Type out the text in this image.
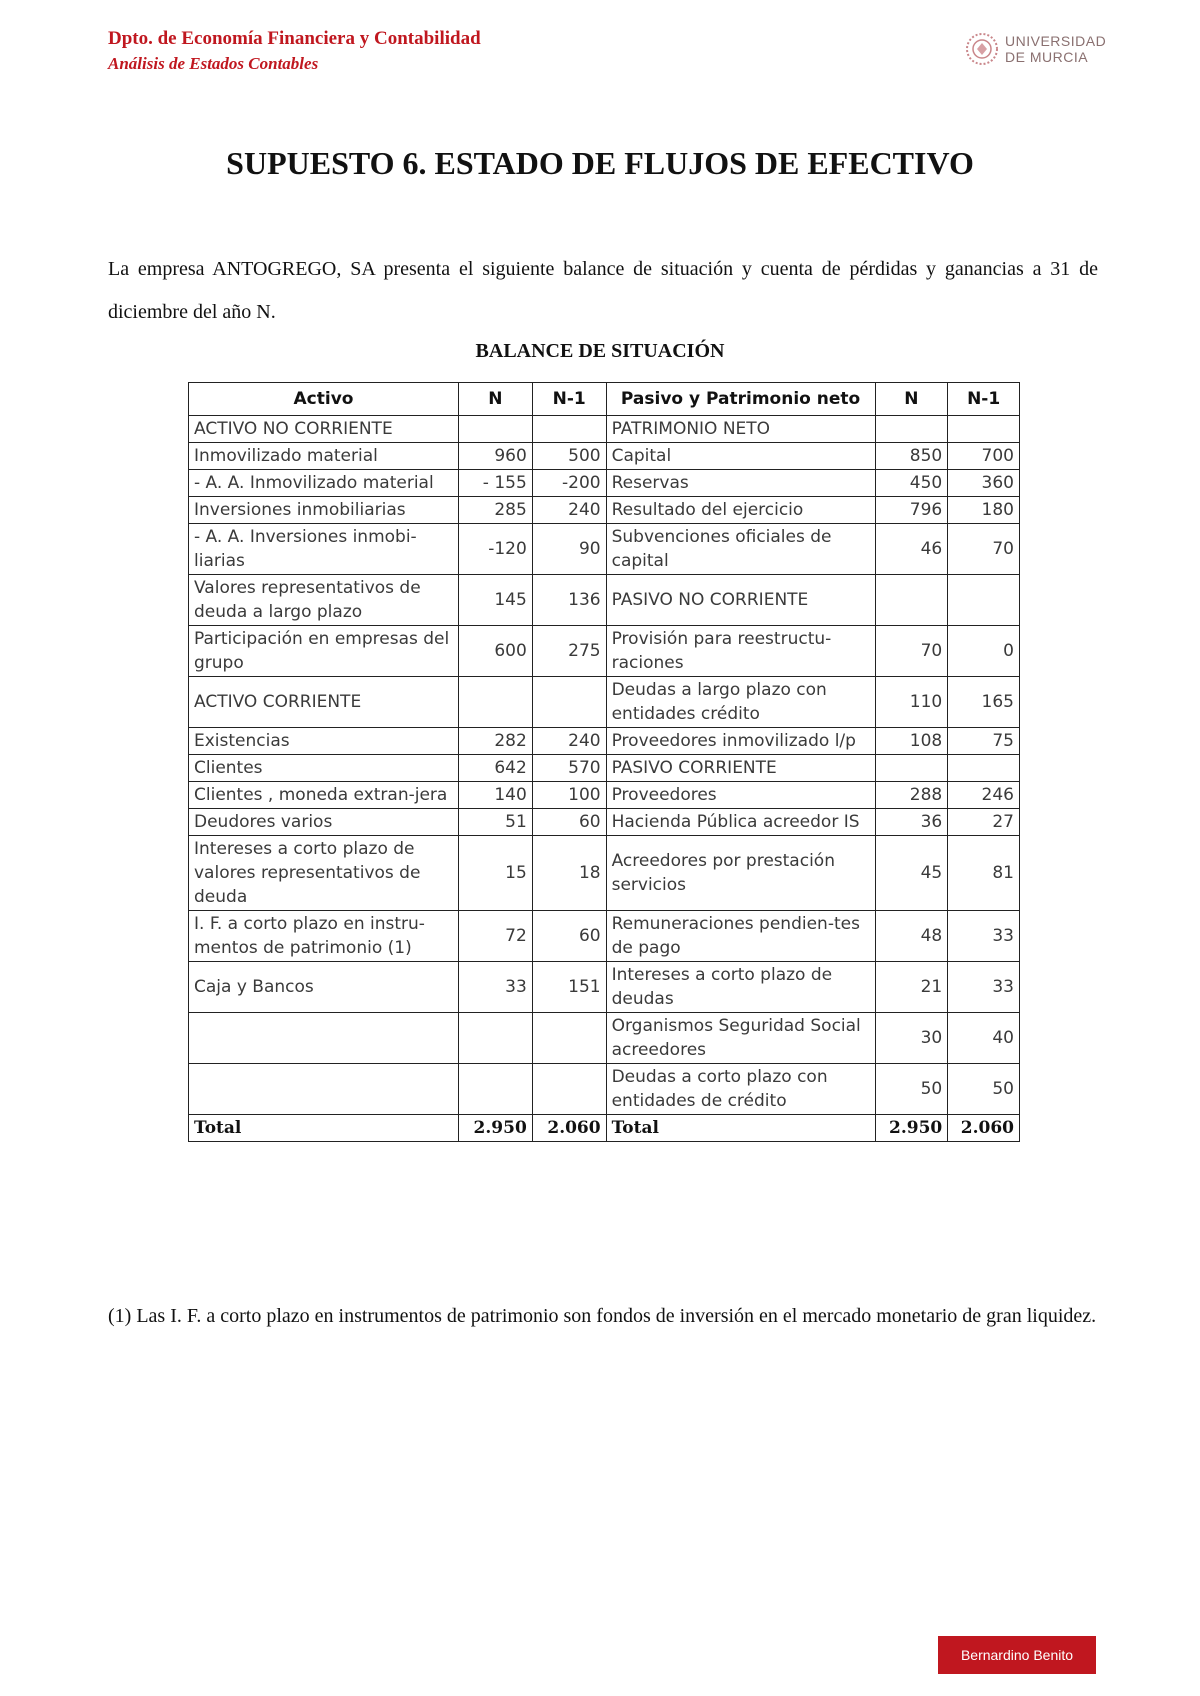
Dpto. de Economía Financiera y Contabilidad
Análisis de Estados Contables
UNIVERSIDAD
DE MURCIA
SUPUESTO 6. ESTADO DE FLUJOS DE EFECTIVO
La empresa ANTOGREGO, SA presenta el siguiente balance de situación y cuenta de pérdidas y ganancias a 31 de diciembre del año N.
BALANCE DE SITUACIÓN
Activo	N	N-1	Pasivo y Patrimonio neto	N	N-1
ACTIVO NO CORRIENTE			PATRIMONIO NETO		
Inmovilizado material	960	500	Capital	850	700
- A. A. Inmovilizado material	- 155	-200	Reservas	450	360
Inversiones inmobiliarias	285	240	Resultado del ejercicio	796	180
- A. A. Inversiones inmobi-liarias	-120	90	Subvenciones oficiales de capital	46	70
Valores representativos de deuda a largo plazo	145	136	PASIVO NO CORRIENTE		
Participación en empresas del grupo	600	275	Provisión para reestructu-raciones	70	0
ACTIVO CORRIENTE			Deudas a largo plazo con entidades crédito	110	165
Existencias	282	240	Proveedores inmovilizado l/p	108	75
Clientes	642	570	PASIVO CORRIENTE		
Clientes , moneda extran-jera	140	100	Proveedores	288	246
Deudores varios	51	60	Hacienda Pública acreedor IS	36	27
Intereses a corto plazo de valores representativos de deuda	15	18	Acreedores por prestación servicios	45	81
I. F. a corto plazo en instru-mentos de patrimonio (1)	72	60	Remuneraciones pendien-tes de pago	48	33
Caja y Bancos	33	151	Intereses a corto plazo de deudas	21	33
			Organismos Seguridad Social acreedores	30	40
			Deudas a corto plazo con entidades de crédito	50	50
Total	2.950	2.060	Total	2.950	2.060
(1) Las I. F. a corto plazo en instrumentos de patrimonio son fondos de inversión en el mercado monetario de gran liquidez.
Bernardino Benito
